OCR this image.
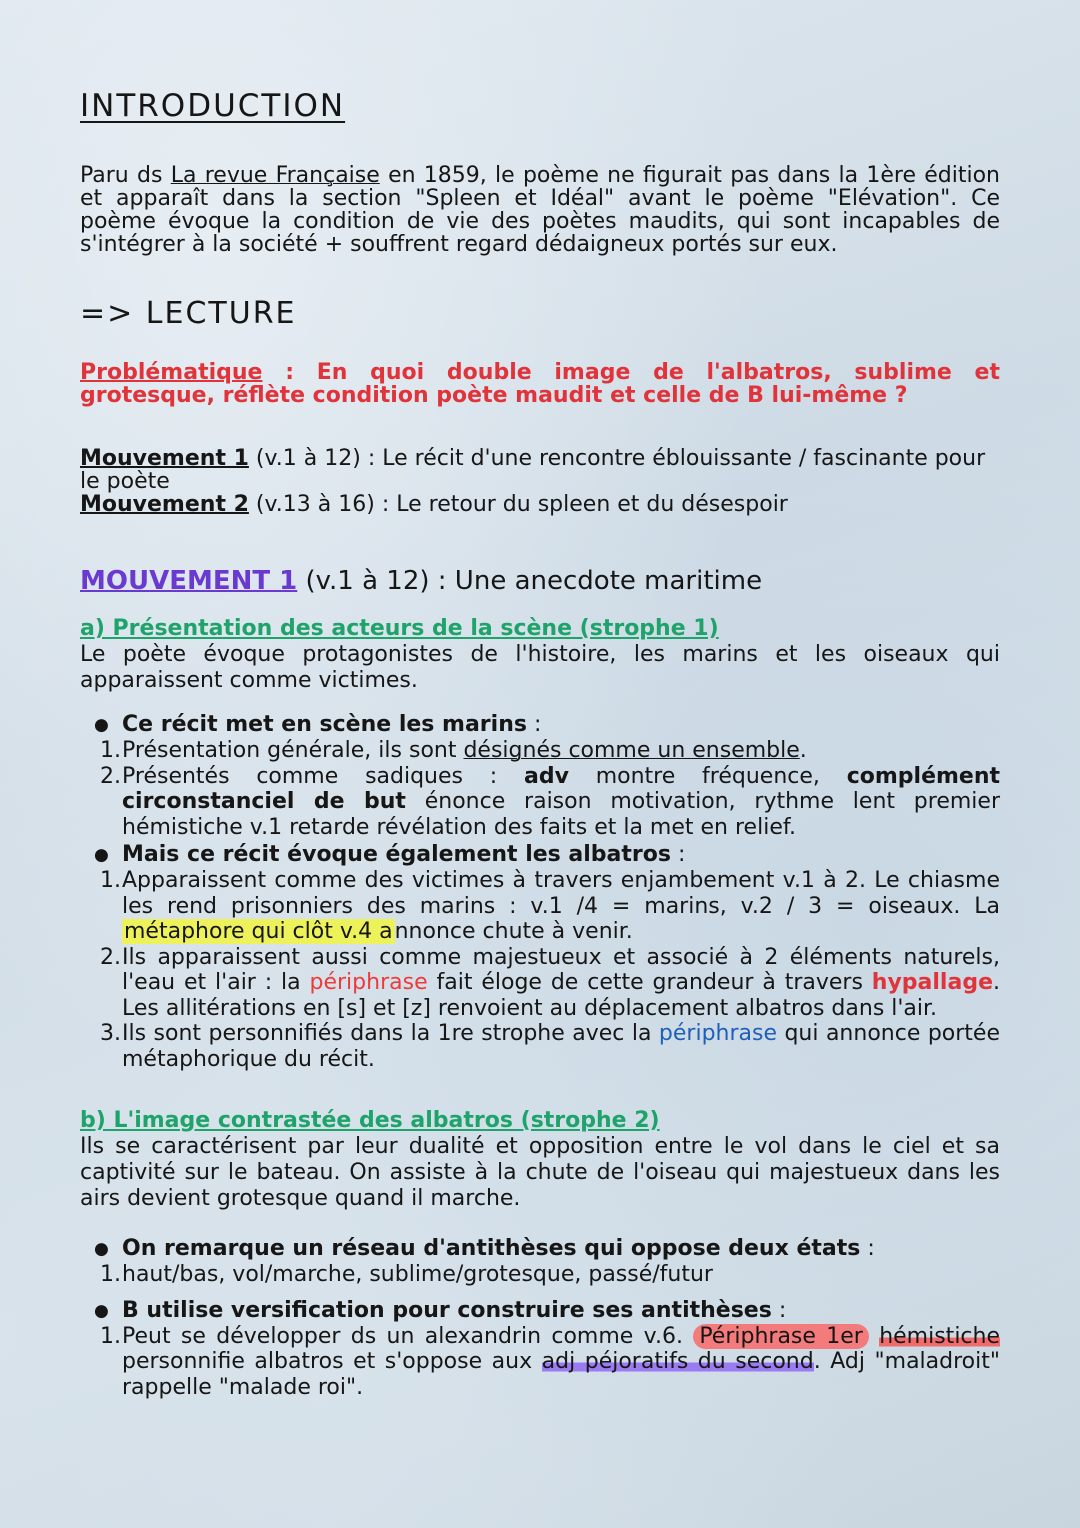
INTRODUCTION

Paru ds La revue Française en 1859, le poème ne figurait pas dans la 1ère édition et apparaît dans la section "Spleen et Idéal" avant le poème "Elévation". Ce poème évoque la condition de vie des poètes maudits, qui sont incapables de s'intégrer à la société + souffrent regard dédaigneux portés sur eux.

=> LECTURE

Problématique : En quoi double image de l'albatros, sublime et grotesque, réflète condition poète maudit et celle de B lui-même ?

Mouvement 1 (v.1 à 12) : Le récit d'une rencontre éblouissante / fascinante pour le poète

Mouvement 2 (v.13 à 16) : Le retour du spleen et du désespoir

MOUVEMENT 1 (v.1 à 12) : Une anecdote maritime

a) Présentation des acteurs de la scène (strophe 1)

Le poète évoque protagonistes de l'histoire, les marins et les oiseaux qui apparaissent comme victimes.

● Ce récit met en scène les marins :
1. Présentation générale, ils sont désignés comme un ensemble.
2. Présentés comme sadiques : adv montre fréquence, complément circonstanciel de but énonce raison motivation, rythme lent premier hémistiche v.1 retarde révélation des faits et la met en relief.
● Mais ce récit évoque également les albatros :
1. Apparaissent comme des victimes à travers enjambement v.1 à 2. Le chiasme les rend prisonniers des marins : v.1 /4 = marins, v.2 / 3 = oiseaux. La métaphore qui clôt v.4 annonce chute à venir.
2. Ils apparaissent aussi comme majestueux et associé à 2 éléments naturels, l'eau et l'air : la périphrase fait éloge de cette grandeur à travers hypallage. Les allitérations en [s] et [z] renvoient au déplacement albatros dans l'air.
3. Ils sont personnifiés dans la 1re strophe avec la périphrase qui annonce portée métaphorique du récit.

b) L'image contrastée des albatros (strophe 2)

Ils se caractérisent par leur dualité et opposition entre le vol dans le ciel et sa captivité sur le bateau. On assiste à la chute de l'oiseau qui majestueux dans les airs devient grotesque quand il marche.

● On remarque un réseau d'antithèses qui oppose deux états :
1. haut/bas, vol/marche, sublime/grotesque, passé/futur
● B utilise versification pour construire ses antithèses :
1. Peut se développer ds un alexandrin comme v.6. Périphrase 1er hémistiche personnifie albatros et s'oppose aux adj péjoratifs du second. Adj "maladroit" rappelle "malade roi".
